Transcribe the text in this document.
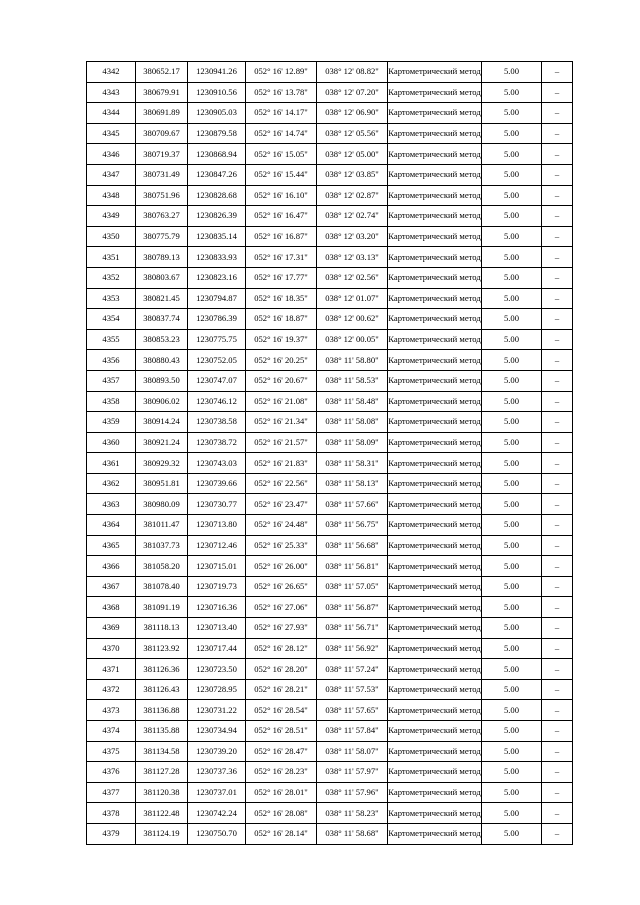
4342	380652.17	1230941.26	052° 16' 12.89"	038° 12' 08.82"	Картометрический метод	5.00	–
4343	380679.91	1230910.56	052° 16' 13.78"	038° 12' 07.20"	Картометрический метод	5.00	–
4344	380691.89	1230905.03	052° 16' 14.17"	038° 12' 06.90"	Картометрический метод	5.00	–
4345	380709.67	1230879.58	052° 16' 14.74"	038° 12' 05.56"	Картометрический метод	5.00	–
4346	380719.37	1230868.94	052° 16' 15.05"	038° 12' 05.00"	Картометрический метод	5.00	–
4347	380731.49	1230847.26	052° 16' 15.44"	038° 12' 03.85"	Картометрический метод	5.00	–
4348	380751.96	1230828.68	052° 16' 16.10"	038° 12' 02.87"	Картометрический метод	5.00	–
4349	380763.27	1230826.39	052° 16' 16.47"	038° 12' 02.74"	Картометрический метод	5.00	–
4350	380775.79	1230835.14	052° 16' 16.87"	038° 12' 03.20"	Картометрический метод	5.00	–
4351	380789.13	1230833.93	052° 16' 17.31"	038° 12' 03.13"	Картометрический метод	5.00	–
4352	380803.67	1230823.16	052° 16' 17.77"	038° 12' 02.56"	Картометрический метод	5.00	–
4353	380821.45	1230794.87	052° 16' 18.35"	038° 12' 01.07"	Картометрический метод	5.00	–
4354	380837.74	1230786.39	052° 16' 18.87"	038° 12' 00.62"	Картометрический метод	5.00	–
4355	380853.23	1230775.75	052° 16' 19.37"	038° 12' 00.05"	Картометрический метод	5.00	–
4356	380880.43	1230752.05	052° 16' 20.25"	038° 11' 58.80"	Картометрический метод	5.00	–
4357	380893.50	1230747.07	052° 16' 20.67"	038° 11' 58.53"	Картометрический метод	5.00	–
4358	380906.02	1230746.12	052° 16' 21.08"	038° 11' 58.48"	Картометрический метод	5.00	–
4359	380914.24	1230738.58	052° 16' 21.34"	038° 11' 58.08"	Картометрический метод	5.00	–
4360	380921.24	1230738.72	052° 16' 21.57"	038° 11' 58.09"	Картометрический метод	5.00	–
4361	380929.32	1230743.03	052° 16' 21.83"	038° 11' 58.31"	Картометрический метод	5.00	–
4362	380951.81	1230739.66	052° 16' 22.56"	038° 11' 58.13"	Картометрический метод	5.00	–
4363	380980.09	1230730.77	052° 16' 23.47"	038° 11' 57.66"	Картометрический метод	5.00	–
4364	381011.47	1230713.80	052° 16' 24.48"	038° 11' 56.75"	Картометрический метод	5.00	–
4365	381037.73	1230712.46	052° 16' 25.33"	038° 11' 56.68"	Картометрический метод	5.00	–
4366	381058.20	1230715.01	052° 16' 26.00"	038° 11' 56.81"	Картометрический метод	5.00	–
4367	381078.40	1230719.73	052° 16' 26.65"	038° 11' 57.05"	Картометрический метод	5.00	–
4368	381091.19	1230716.36	052° 16' 27.06"	038° 11' 56.87"	Картометрический метод	5.00	–
4369	381118.13	1230713.40	052° 16' 27.93"	038° 11' 56.71"	Картометрический метод	5.00	–
4370	381123.92	1230717.44	052° 16' 28.12"	038° 11' 56.92"	Картометрический метод	5.00	–
4371	381126.36	1230723.50	052° 16' 28.20"	038° 11' 57.24"	Картометрический метод	5.00	–
4372	381126.43	1230728.95	052° 16' 28.21"	038° 11' 57.53"	Картометрический метод	5.00	–
4373	381136.88	1230731.22	052° 16' 28.54"	038° 11' 57.65"	Картометрический метод	5.00	–
4374	381135.88	1230734.94	052° 16' 28.51"	038° 11' 57.84"	Картометрический метод	5.00	–
4375	381134.58	1230739.20	052° 16' 28.47"	038° 11' 58.07"	Картометрический метод	5.00	–
4376	381127.28	1230737.36	052° 16' 28.23"	038° 11' 57.97"	Картометрический метод	5.00	–
4377	381120.38	1230737.01	052° 16' 28.01"	038° 11' 57.96"	Картометрический метод	5.00	–
4378	381122.48	1230742.24	052° 16' 28.08"	038° 11' 58.23"	Картометрический метод	5.00	–
4379	381124.19	1230750.70	052° 16' 28.14"	038° 11' 58.68"	Картометрический метод	5.00	–
